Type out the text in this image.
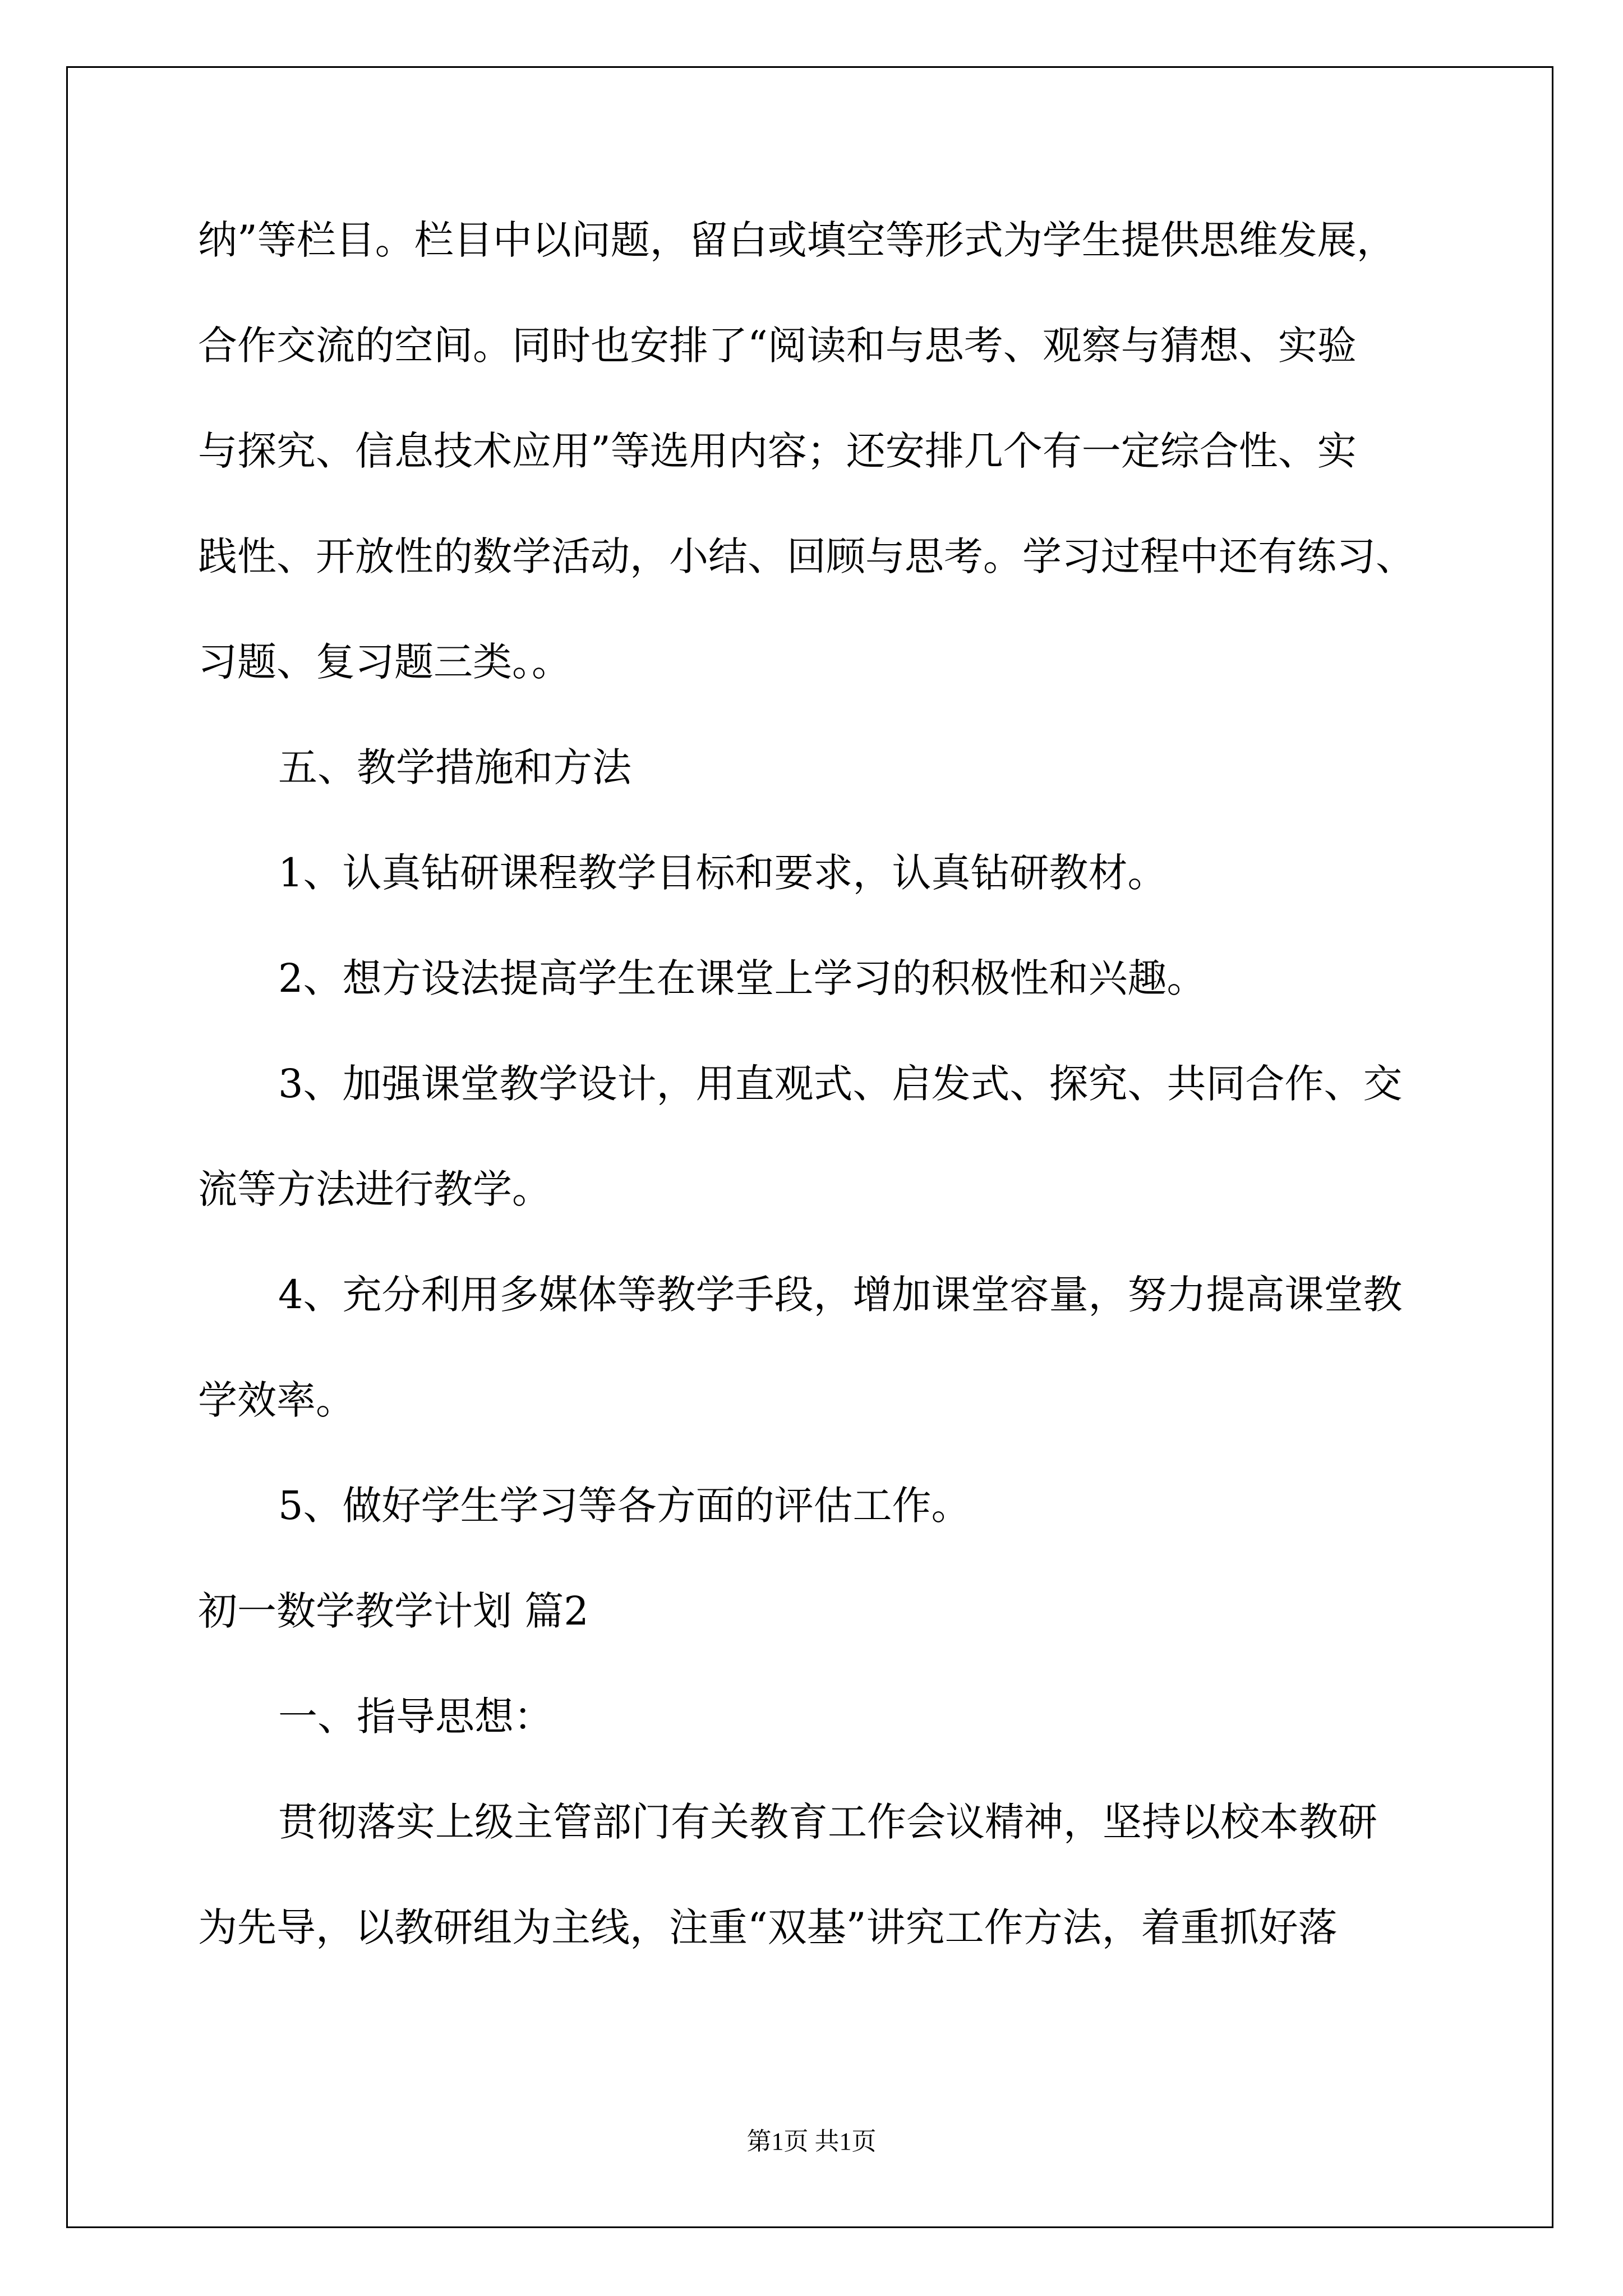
纳”等栏目。栏目中以问题，留白或填空等形式为学生提供思维发展，
合作交流的空间。同时也安排了“阅读和与思考、观察与猜想、实验
与探究、信息技术应用”等选用内容；还安排几个有一定综合性、实
践性、开放性的数学活动，小结、回顾与思考。学习过程中还有练习、
习题、复习题三类。。
五、教学措施和方法
1、认真钻研课程教学目标和要求，认真钻研教材。
2、想方设法提高学生在课堂上学习的积极性和兴趣。
3、加强课堂教学设计，用直观式、启发式、探究、共同合作、交
流等方法进行教学。
4、充分利用多媒体等教学手段，增加课堂容量，努力提高课堂教
学效率。
5、做好学生学习等各方面的评估工作。
初一数学教学计划 篇2
一、指导思想：
贯彻落实上级主管部门有关教育工作会议精神，坚持以校本教研
为先导，以教研组为主线，注重“双基”讲究工作方法，着重抓好落
第1页 共1页
